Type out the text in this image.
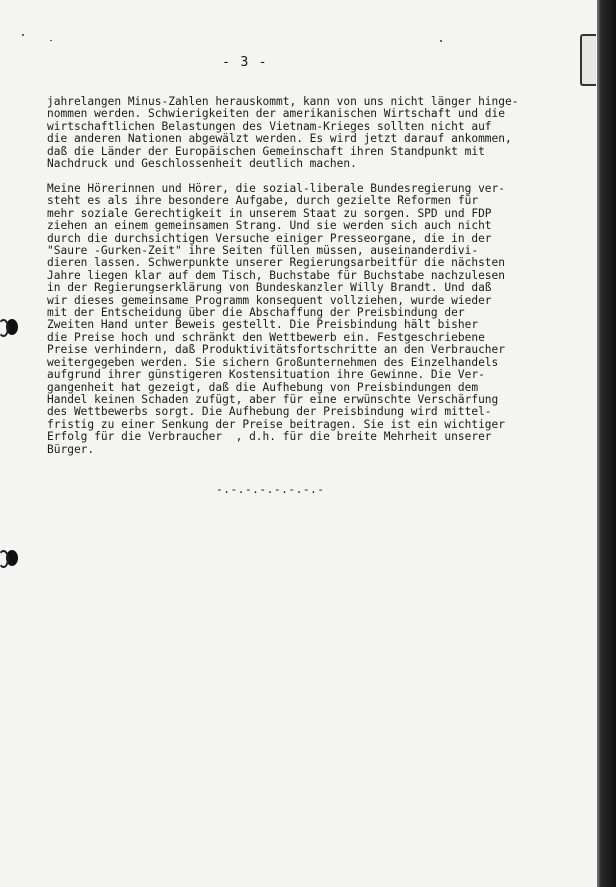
- 3 -
jahrelangen Minus-Zahlen herauskommt, kann von uns nicht länger hinge-
nommen werden. Schwierigkeiten der amerikanischen Wirtschaft und die
wirtschaftlichen Belastungen des Vietnam-Krieges sollten nicht auf
die anderen Nationen abgewälzt werden. Es wird jetzt darauf ankommen,
daß die Länder der Europäischen Gemeinschaft ihren Standpunkt mit
Nachdruck und Geschlossenheit deutlich machen.
Meine Hörerinnen und Hörer, die sozial-liberale Bundesregierung ver-
steht es als ihre besondere Aufgabe, durch gezielte Reformen für
mehr soziale Gerechtigkeit in unserem Staat zu sorgen. SPD und FDP
ziehen an einem gemeinsamen Strang. Und sie werden sich auch nicht
durch die durchsichtigen Versuche einiger Presseorgane, die in der
"Saure -Gurken-Zeit" ihre Seiten füllen müssen, auseinanderdivi-
dieren lassen. Schwerpunkte unserer Regierungsarbeitfür die nächsten
Jahre liegen klar auf dem Tisch, Buchstabe für Buchstabe nachzulesen
in der Regierungserklärung von Bundeskanzler Willy Brandt. Und daß
wir dieses gemeinsame Programm konsequent vollziehen, wurde wieder
mit der Entscheidung über die Abschaffung der Preisbindung der
Zweiten Hand unter Beweis gestellt. Die Preisbindung hält bisher
die Preise hoch und schränkt den Wettbewerb ein. Festgeschriebene
Preise verhindern, daß Produktivitätsfortschritte an den Verbraucher
weitergegeben werden. Sie sichern Großunternehmen des Einzelhandels
aufgrund ihrer günstigeren Kostensituation ihre Gewinne. Die Ver-
gangenheit hat gezeigt, daß die Aufhebung von Preisbindungen dem
Handel keinen Schaden zufügt, aber für eine erwünschte Verschärfung
des Wettbewerbs sorgt. Die Aufhebung der Preisbindung wird mittel-
fristig zu einer Senkung der Preise beitragen. Sie ist ein wichtiger
Erfolg für die Verbraucher  , d.h. für die breite Mehrheit unserer
Bürger.
-.-.-.-.-.-.-.-
